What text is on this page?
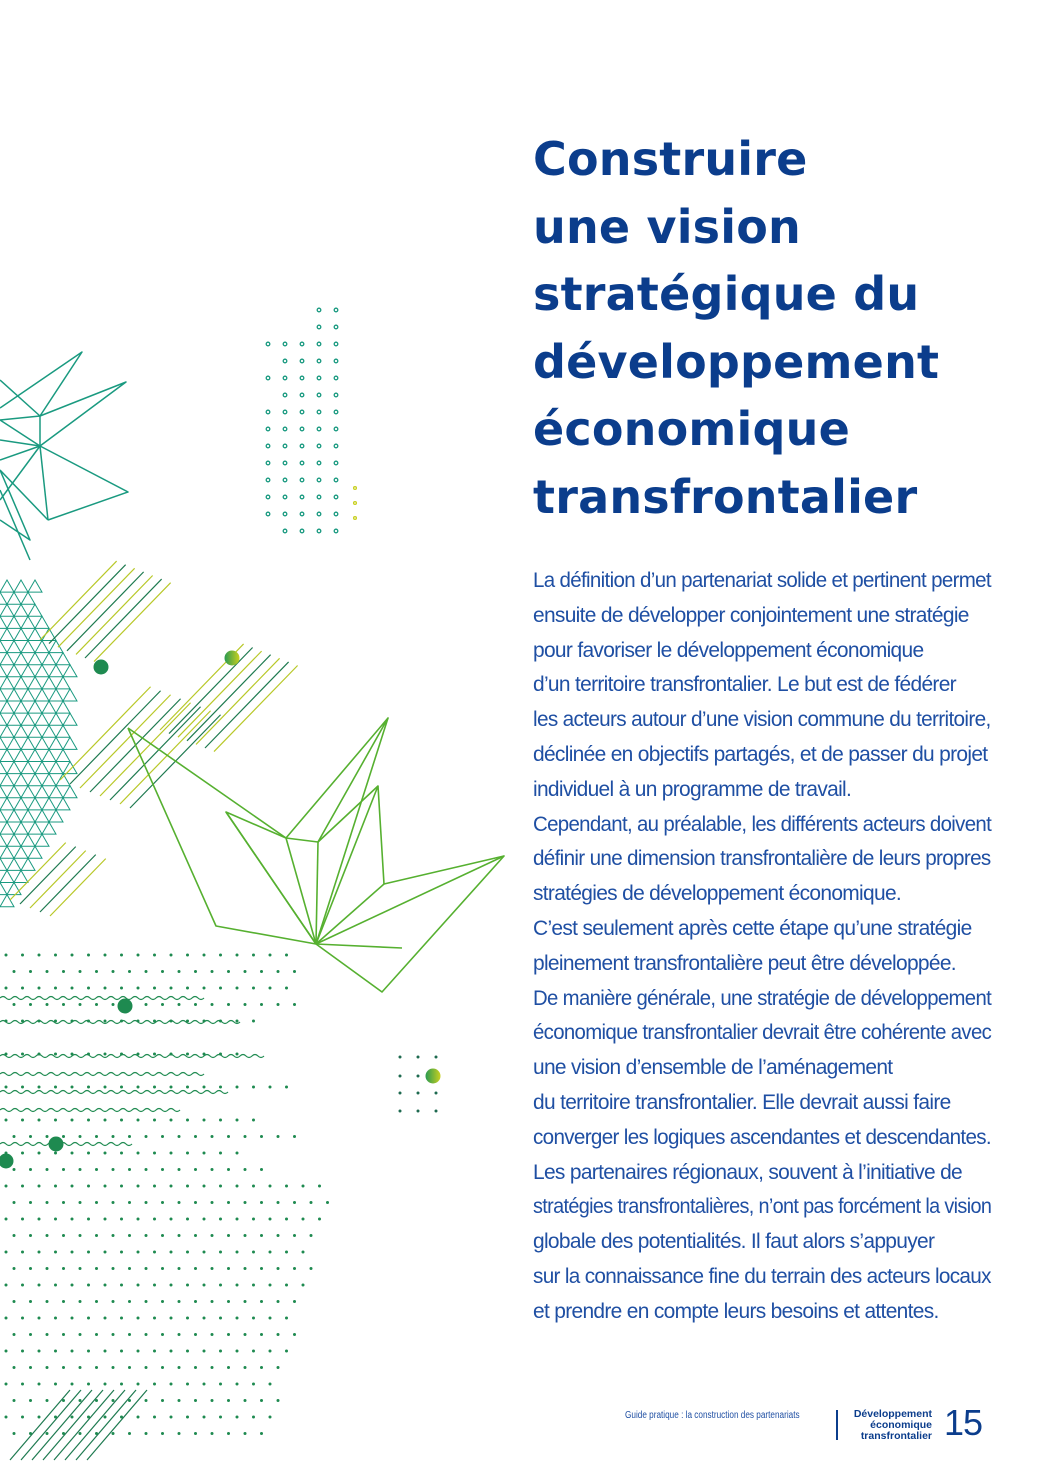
Construire
une vision
stratégique du
développement
économique
transfrontalier
La définition d’un partenariat solide et pertinent permet
ensuite de développer conjointement une stratégie
pour favoriser le développement économique
d’un territoire transfrontalier. Le but est de fédérer
les acteurs autour d’une vision commune du territoire,
déclinée en objectifs partagés, et de passer du projet
individuel à un programme de travail.
Cependant, au préalable, les différents acteurs doivent
définir une dimension transfrontalière de leurs propres
stratégies de développement économique.
C’est seulement après cette étape qu’une stratégie
pleinement transfrontalière peut être développée.
De manière générale, une stratégie de développement
économique transfrontalier devrait être cohérente avec
une vision d’ensemble de l’aménagement
du territoire transfrontalier. Elle devrait aussi faire
converger les logiques ascendantes et descendantes.
Les partenaires régionaux, souvent à l’initiative de
stratégies transfrontalières, n’ont pas forcément la vision
globale des potentialités. Il faut alors s’appuyer
sur la connaissance fine du terrain des acteurs locaux
et prendre en compte leurs besoins et attentes.
Guide pratique : la construction des partenariats	Développement
économique
transfrontalier 15
